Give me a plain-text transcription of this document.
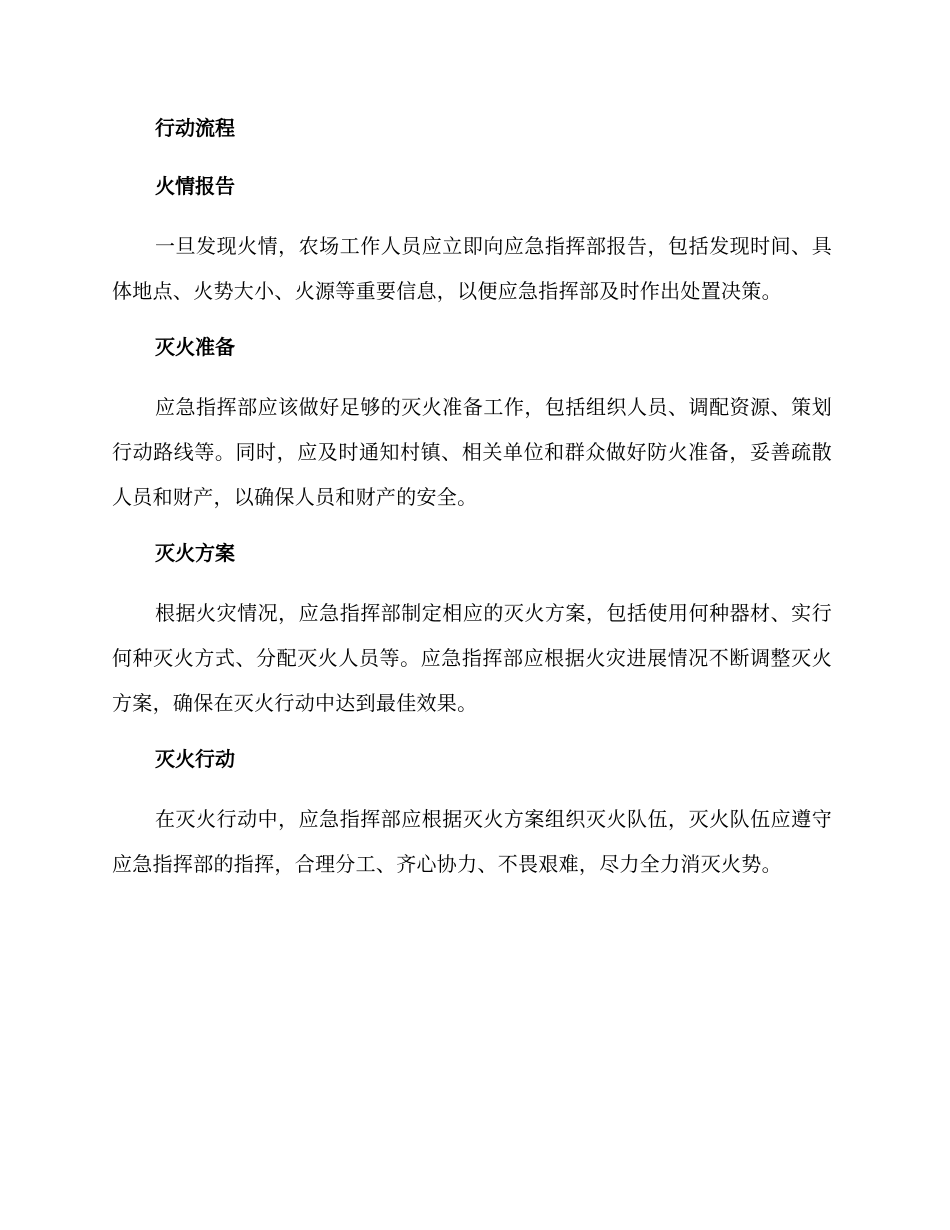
行动流程
火情报告

一旦发现火情，农场工作人员应立即向应急指挥部报告，包括发现时间、具体地点、火势大小、火源等重要信息，以便应急指挥部及时作出处置决策。

灭火准备

应急指挥部应该做好足够的灭火准备工作，包括组织人员、调配资源、策划行动路线等。同时，应及时通知村镇、相关单位和群众做好防火准备，妥善疏散人员和财产，以确保人员和财产的安全。

灭火方案

根据火灾情况，应急指挥部制定相应的灭火方案，包括使用何种器材、实行何种灭火方式、分配灭火人员等。应急指挥部应根据火灾进展情况不断调整灭火方案，确保在灭火行动中达到最佳效果。

灭火行动

在灭火行动中，应急指挥部应根据灭火方案组织灭火队伍，灭火队伍应遵守应急指挥部的指挥，合理分工、齐心协力、不畏艰难，尽力全力消灭火势。
